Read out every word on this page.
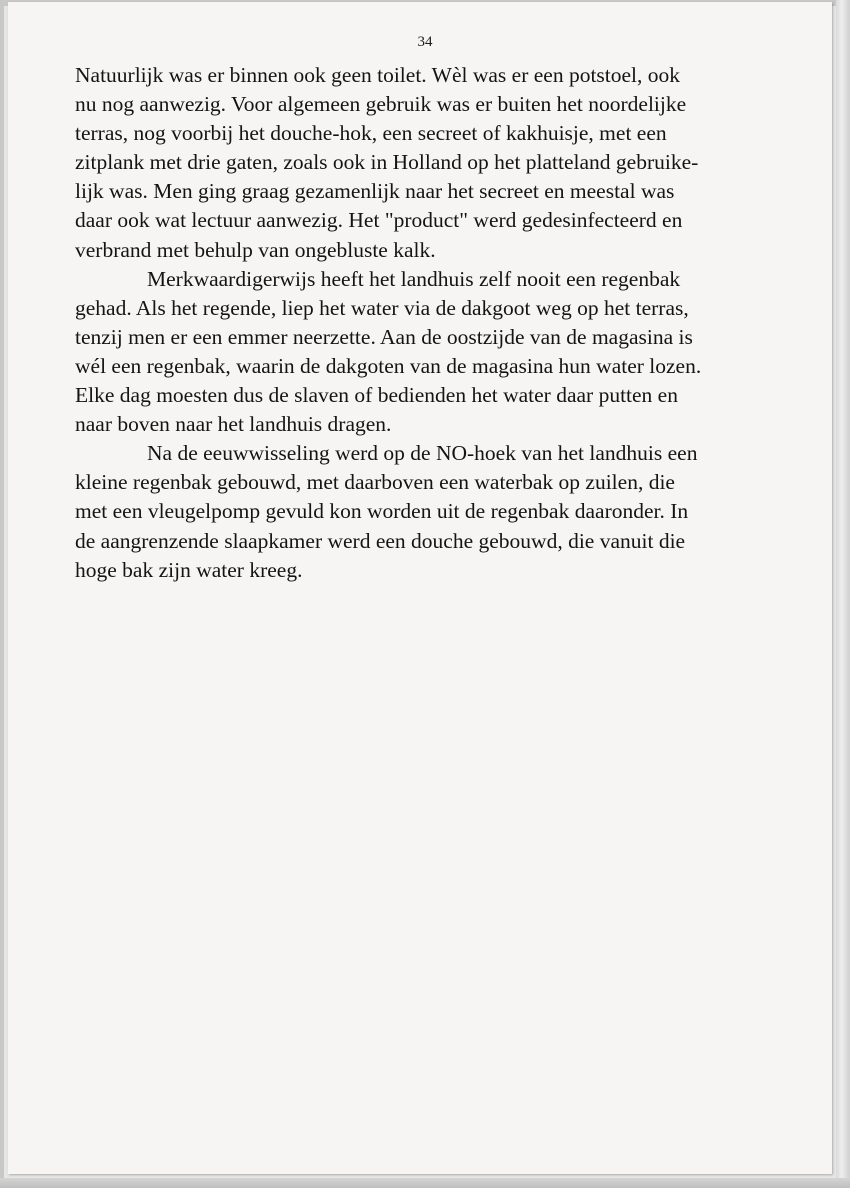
34
Natuurlijk was er binnen ook geen toilet. Wèl was er een potstoel, ook
nu nog aanwezig. Voor algemeen gebruik was er buiten het noordelijke
terras, nog voorbij het douche-hok, een secreet of kakhuisje, met een
zitplank met drie gaten, zoals ook in Holland op het platteland gebruike-
lijk was. Men ging graag gezamenlijk naar het secreet en meestal was
daar ook wat lectuur aanwezig. Het "product" werd gedesinfecteerd en
verbrand met behulp van ongebluste kalk.
Merkwaardigerwijs heeft het landhuis zelf nooit een regenbak
gehad. Als het regende, liep het water via de dakgoot weg op het terras,
tenzij men er een emmer neerzette. Aan de oostzijde van de magasina is
wél een regenbak, waarin de dakgoten van de magasina hun water lozen.
Elke dag moesten dus de slaven of bedienden het water daar putten en
naar boven naar het landhuis dragen.
Na de eeuwwisseling werd op de NO-hoek van het landhuis een
kleine regenbak gebouwd, met daarboven een waterbak op zuilen, die
met een vleugelpomp gevuld kon worden uit de regenbak daaronder. In
de aangrenzende slaapkamer werd een douche gebouwd, die vanuit die
hoge bak zijn water kreeg.
